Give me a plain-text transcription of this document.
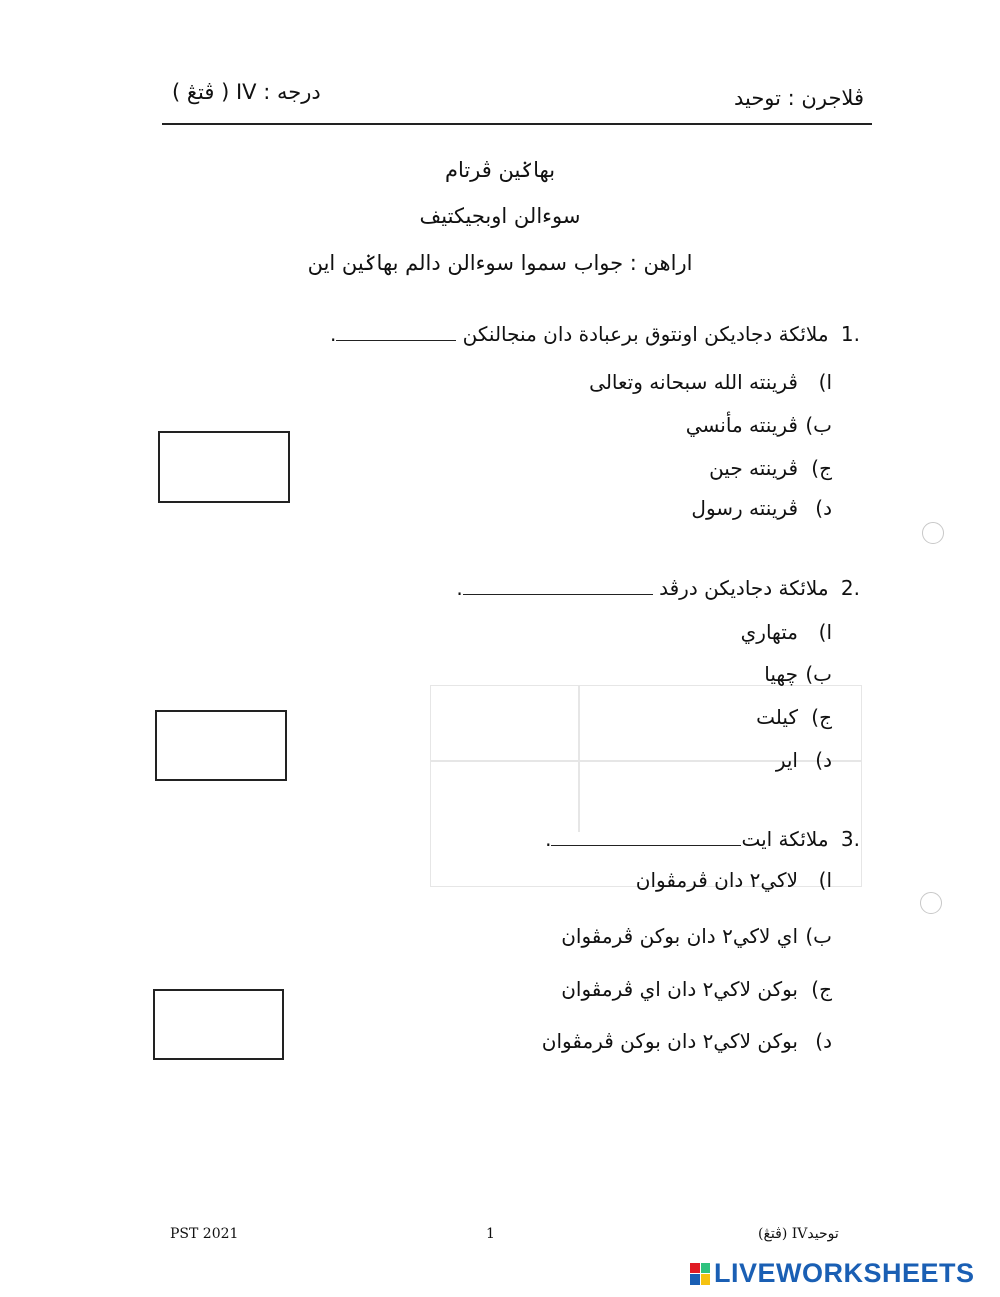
ڤلاجرن : توحيد
درجه : IV ( ڤتڠ )
بهاݢين ڤرتام
سوءالن اوبجيکتيف
اراهن : جواب سموا سوءالن دالم بهاݢين اين
1. ملائکة دجاديکن اونتوق برعبادة دان منجالنکن .
ا)ڤرينته الله سبحانه وتعالى
ب)ڤرينته مأنسي
ج)ڤرينته جين
د)ڤرينته رسول
2. ملائکة دجاديکن درڤد .
ا)متهاري
ب)چهيا
ج)کيلت
د)اير
3. ملائکة ايت.
ا)لاکي۲ دان ڤرمڤوان
ب)اي لاکي۲ دان بوکن ڤرمڤوان
ج)بوکن لاکي۲ دان اي ڤرمڤوان
د)بوکن لاکي۲ دان بوکن ڤرمڤوان
PST 2021	1	توحيدIV (ڤتڠ)
LIVEWORKSHEETS
